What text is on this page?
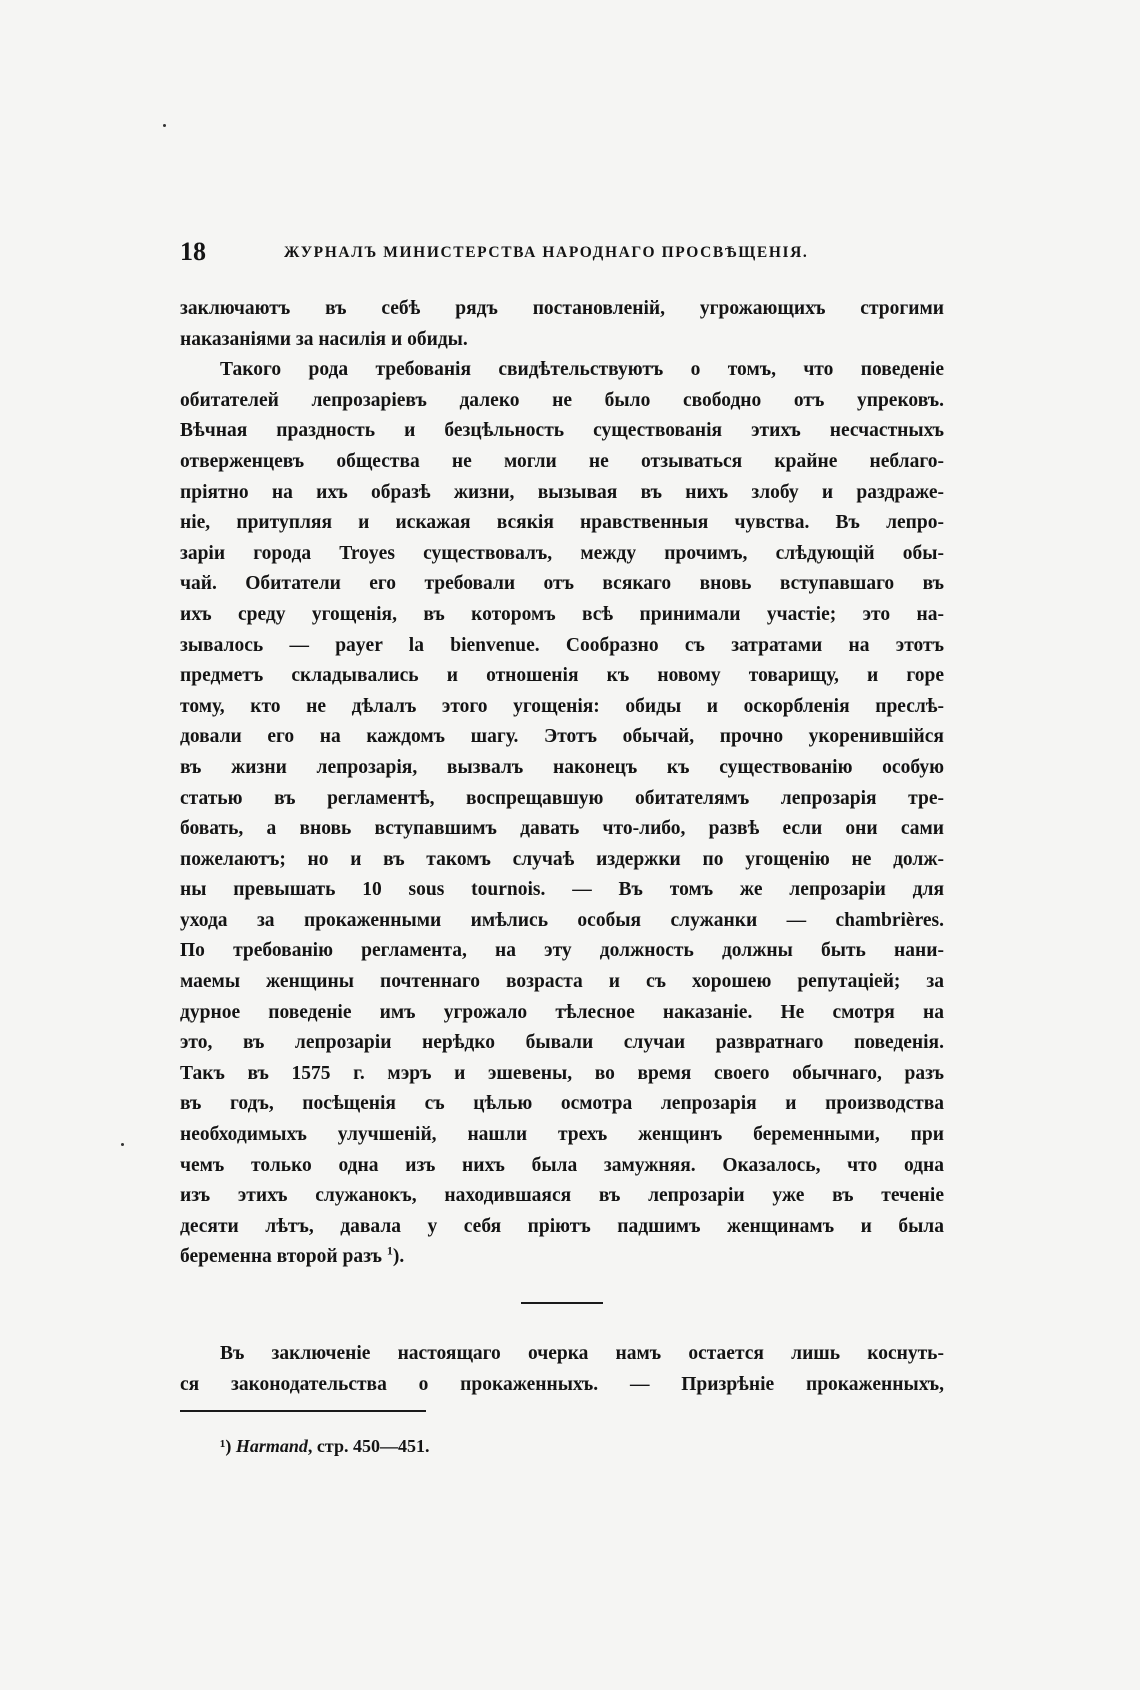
18	ЖУРНАЛЪ МИНИСТЕРСТВА НАРОДНАГО ПРОСВѢЩЕНІЯ.
заключаютъ въ себѣ рядъ постановленій, угрожающихъ строгими
наказаніями за насилія и обиды.
Такого рода требованія свидѣтельствуютъ о томъ, что поведеніе
обитателей лепрозаріевъ далеко не было свободно отъ упрековъ.
Вѣчная праздность и безцѣльность существованія этихъ несчастныхъ
отверженцевъ общества не могли не отзываться крайне неблаго-
пріятно на ихъ образѣ жизни, вызывая въ нихъ злобу и раздраже-
ніе, притупляя и искажая всякія нравственныя чувства. Въ лепро-
заріи города Troyes существовалъ, между прочимъ, слѣдующій обы-
чай. Обитатели его требовали отъ всякаго вновь вступавшаго въ
ихъ среду угощенія, въ которомъ всѣ принимали участіе; это на-
зывалось — payer la bienvenue. Сообразно съ затратами на этотъ
предметъ складывались и отношенія къ новому товарищу, и горе
тому, кто не дѣлалъ этого угощенія: обиды и оскорбленія преслѣ-
довали его на каждомъ шагу. Этотъ обычай, прочно укоренившійся
въ жизни лепрозарія, вызвалъ наконецъ къ существованію особую
статью въ регламентѣ, воспрещавшую обитателямъ лепрозарія тре-
бовать, а вновь вступавшимъ давать что-либо, развѣ если они сами
пожелаютъ; но и въ такомъ случаѣ издержки по угощенію не долж-
ны превышать 10 sous tournois. — Въ томъ же лепрозаріи для
ухода за прокаженными имѣлись особыя служанки — chambrières.
По требованію регламента, на эту должность должны быть нани-
маемы женщины почтеннаго возраста и съ хорошею репутаціей; за
дурное поведеніе имъ угрожало тѣлесное наказаніе. Не смотря на
это, въ лепрозаріи нерѣдко бывали случаи развратнаго поведенія.
Такъ въ 1575 г. мэръ и эшевены, во время своего обычнаго, разъ
въ годъ, посѣщенія съ цѣлью осмотра лепрозарія и производства
необходимыхъ улучшеній, нашли трехъ женщинъ беременными, при
чемъ только одна изъ нихъ была замужняя. Оказалось, что одна
изъ этихъ служанокъ, находившаяся въ лепрозаріи уже въ теченіе
десяти лѣтъ, давала у себя пріютъ падшимъ женщинамъ и была
беременна второй разъ $^1$).
Въ заключеніе настоящаго очерка намъ остается лишь коснуть-
ся законодательства о прокаженныхъ. — Призрѣніе прокаженныхъ,
¹) Harmand, стр. 450—451.
